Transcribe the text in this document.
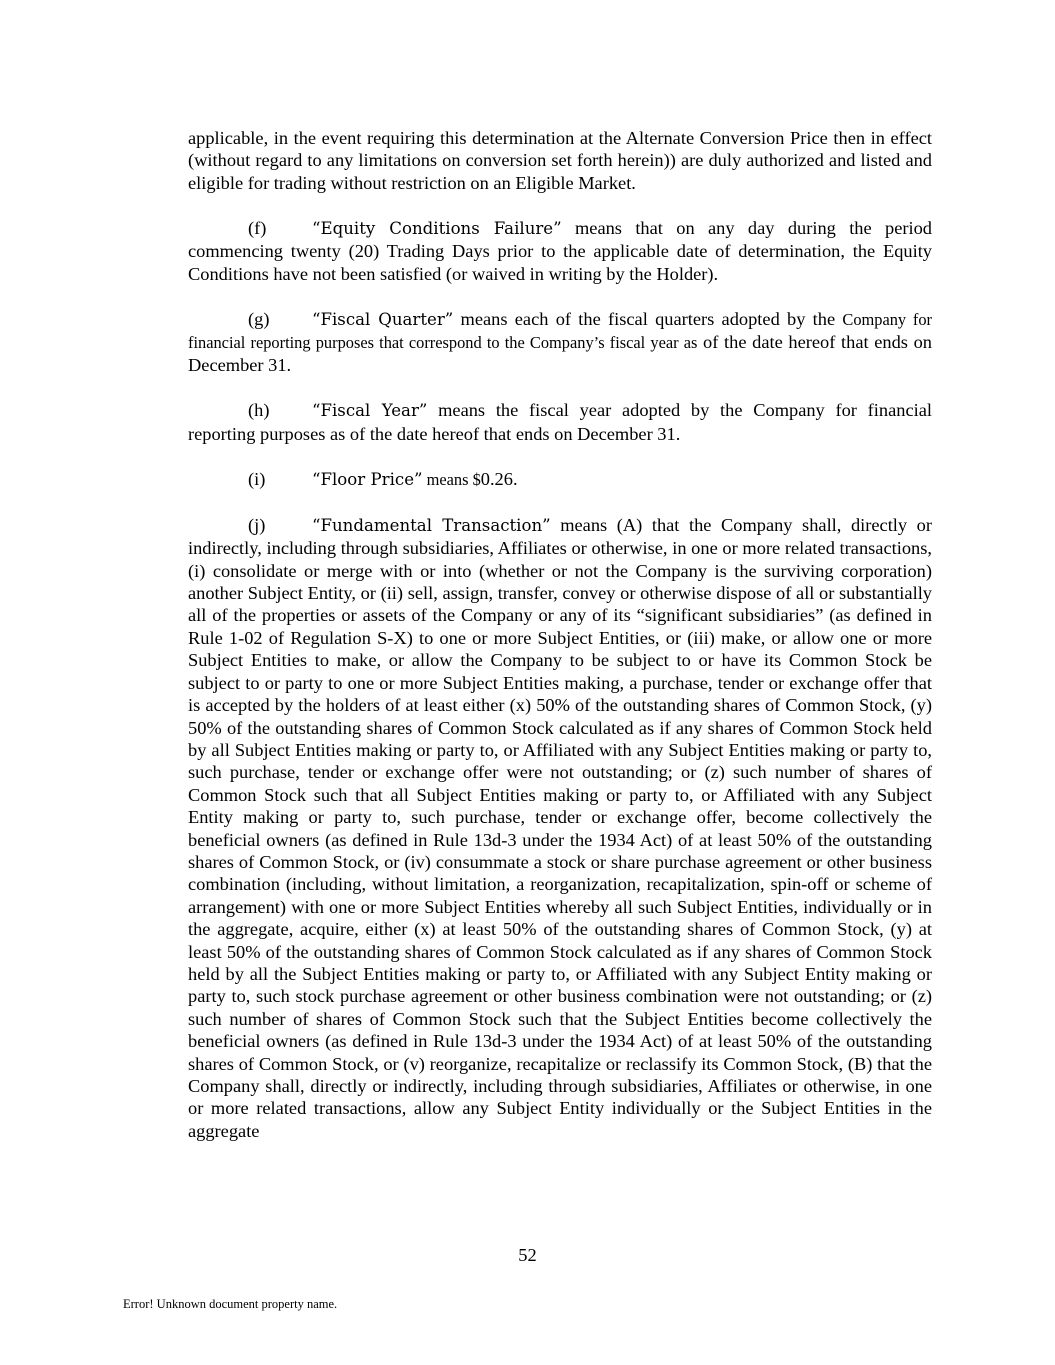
applicable, in the event requiring this determination at the Alternate Conversion Price then in effect (without regard to any limitations on conversion set forth herein)) are duly authorized and listed and eligible for trading without restriction on an Eligible Market.

(f)	“Equity Conditions Failure” means that on any day during the period commencing twenty (20) Trading Days prior to the applicable date of determination, the Equity Conditions have not been satisfied (or waived in writing by the Holder).

(g)	“Fiscal Quarter” means each of the fiscal quarters adopted by the Company for financial reporting purposes that correspond to the Company’s fiscal year as of the date hereof that ends on December 31.

(h)	“Fiscal Year” means the fiscal year adopted by the Company for financial reporting purposes as of the date hereof that ends on December 31.

(i)	“Floor Price” means $0.26.

(j)	“Fundamental Transaction” means (A) that the Company shall, directly or indirectly, including through subsidiaries, Affiliates or otherwise, in one or more related transactions, (i) consolidate or merge with or into (whether or not the Company is the surviving corporation) another Subject Entity, or (ii) sell, assign, transfer, convey or otherwise dispose of all or substantially all of the properties or assets of the Company or any of its “significant subsidiaries” (as defined in Rule 1-02 of Regulation S-X) to one or more Subject Entities, or (iii) make, or allow one or more Subject Entities to make, or allow the Company to be subject to or have its Common Stock be subject to or party to one or more Subject Entities making, a purchase, tender or exchange offer that is accepted by the holders of at least either (x) 50% of the outstanding shares of Common Stock, (y) 50% of the outstanding shares of Common Stock calculated as if any shares of Common Stock held by all Subject Entities making or party to, or Affiliated with any Subject Entities making or party to, such purchase, tender or exchange offer were not outstanding; or (z) such number of shares of Common Stock such that all Subject Entities making or party to, or Affiliated with any Subject Entity making or party to, such purchase, tender or exchange offer, become collectively the beneficial owners (as defined in Rule 13d-3 under the 1934 Act) of at least 50% of the outstanding shares of Common Stock, or (iv) consummate a stock or share purchase agreement or other business combination (including, without limitation, a reorganization, recapitalization, spin-off or scheme of arrangement) with one or more Subject Entities whereby all such Subject Entities, individually or in the aggregate, acquire, either (x) at least 50% of the outstanding shares of Common Stock, (y) at least 50% of the outstanding shares of Common Stock calculated as if any shares of Common Stock held by all the Subject Entities making or party to, or Affiliated with any Subject Entity making or party to, such stock purchase agreement or other business combination were not outstanding; or (z) such number of shares of Common Stock such that the Subject Entities become collectively the beneficial owners (as defined in Rule 13d-3 under the 1934 Act) of at least 50% of the outstanding shares of Common Stock, or (v) reorganize, recapitalize or reclassify its Common Stock, (B) that the Company shall, directly or indirectly, including through subsidiaries, Affiliates or otherwise, in one or more related transactions, allow any Subject Entity individually or the Subject Entities in the aggregate

52
Error! Unknown document property name.
